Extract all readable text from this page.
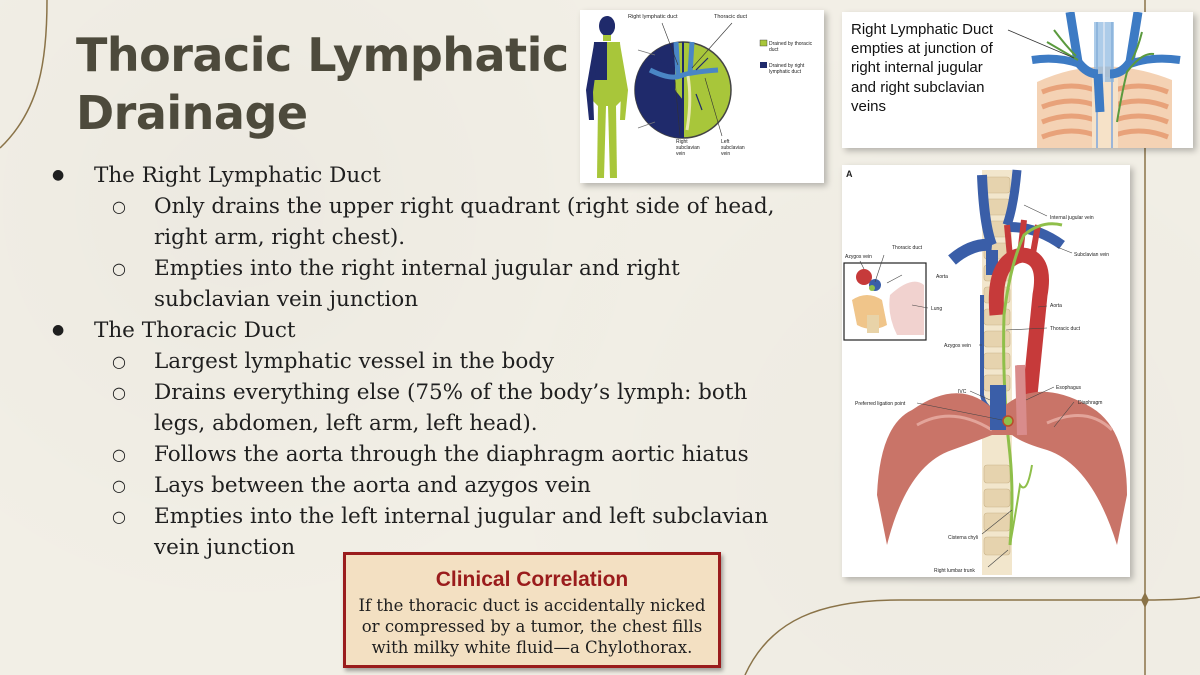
Thoracic Lymphatic
Drainage
● The Right Lymphatic Duct
○ Only drains the upper right quadrant (right side of head,
right arm, right chest).
○ Empties into the right internal jugular and right
subclavian vein junction
● The Thoracic Duct
○ Largest lymphatic vessel in the body
○ Drains everything else (75% of the body’s lymph: both
legs, abdomen, left arm, left head).
○ Follows the aorta through the diaphragm aortic hiatus
○ Lays between the aorta and azygos vein
○ Empties into the left internal jugular and left subclavian
vein junction
Clinical Correlation
If the thoracic duct is accidentally nicked
or compressed by a tumor, the chest fills
with milky white fluid—a Chylothorax.
Right lymphatic duct	Thoracic duct
Drained by thoracic
duct
Drained by right
lymphatic duct
Right
subclavian
vein
Left
subclavian
vein
Right Lymphatic Duct
empties at junction of
right internal jugular
and right subclavian
veins
A
Internal jugular vein
Subclavian vein
Thoracic duct
Azygos vein
Aorta
Lung	Aorta
Thoracic duct
Azygos vein
IVC
Esophagus
Preferred ligation point	Diaphragm
Cisterna chyli
Right lumbar trunk
